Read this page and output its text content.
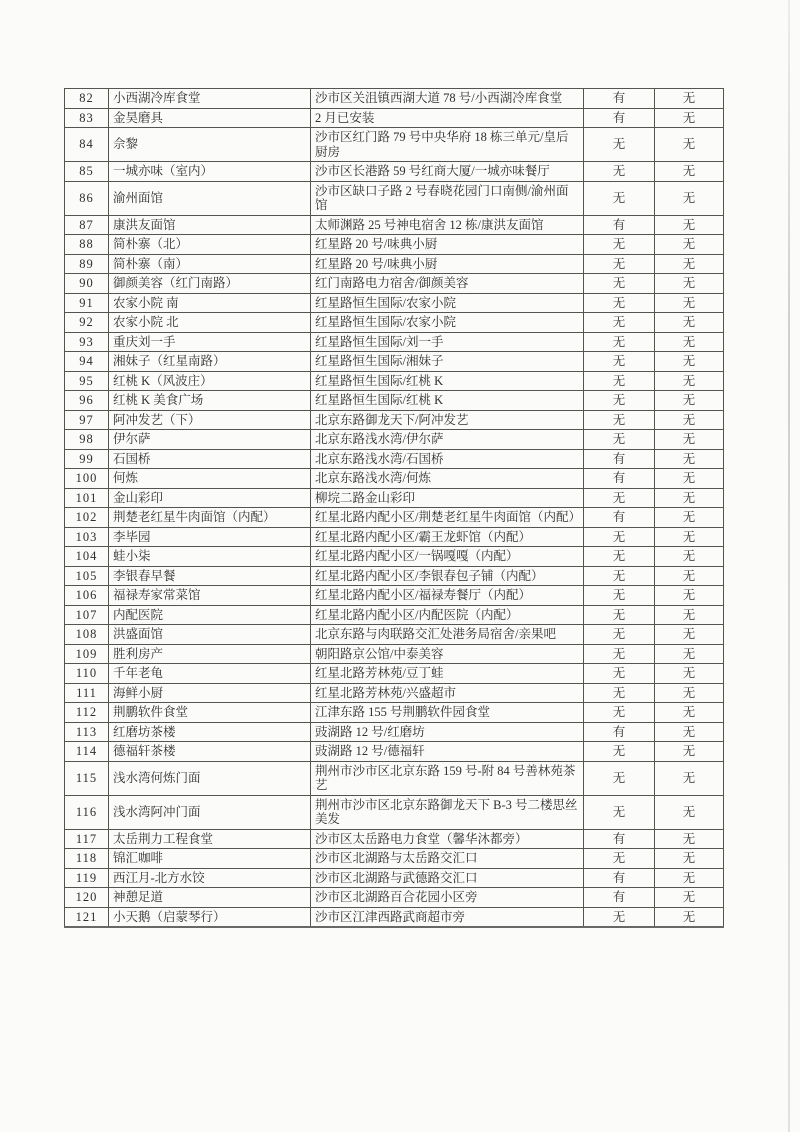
82	小西湖冷库食堂	沙市区关沮镇西湖大道 78 号/小西湖冷库食堂	有	无
83	金昊磨具	2 月已安装	有	无
84	佘黎	沙市区红门路 79 号中央华府 18 栋三单元/皇后厨房	无	无
85	一城亦味（室内）	沙市区长港路 59 号红商大厦/一城亦味餐厅	无	无
86	渝州面馆	沙市区缺口子路 2 号春晓花园门口南侧/渝州面馆	无	无
87	康洪友面馆	太师渊路 25 号神电宿舍 12 栋/康洪友面馆	有	无
88	简朴寨（北）	红星路 20 号/味典小厨	无	无
89	简朴寨（南）	红星路 20 号/味典小厨	无	无
90	御颜美容（红门南路）	红门南路电力宿舍/御颜美容	无	无
91	农家小院 南	红星路恒生国际/农家小院	无	无
92	农家小院 北	红星路恒生国际/农家小院	无	无
93	重庆刘一手	红星路恒生国际/刘一手	无	无
94	湘妹子（红星南路）	红星路恒生国际/湘妹子	无	无
95	红桃 K（风波庄）	红星路恒生国际/红桃 K	无	无
96	红桃 K 美食广场	红星路恒生国际/红桃 K	无	无
97	阿冲发艺（下）	北京东路御龙天下/阿冲发艺	无	无
98	伊尔萨	北京东路浅水湾/伊尔萨	无	无
99	石国桥	北京东路浅水湾/石国桥	有	无
100	何炼	北京东路浅水湾/何炼	有	无
101	金山彩印	柳垸二路金山彩印	无	无
102	荆楚老红星牛肉面馆（内配）	红星北路内配小区/荆楚老红星牛肉面馆（内配）	有	无
103	李毕园	红星北路内配小区/霸王龙虾馆（内配）	无	无
104	蛙小柒	红星北路内配小区/一锅嘎嘎（内配）	无	无
105	李银春早餐	红星北路内配小区/李银春包子铺（内配）	无	无
106	福禄寿家常菜馆	红星北路内配小区/福禄寿餐厅（内配）	无	无
107	内配医院	红星北路内配小区/内配医院（内配）	无	无
108	洪盛面馆	北京东路与肉联路交汇处港务局宿舍/亲果吧	无	无
109	胜利房产	朝阳路京公馆/中泰美容	无	无
110	千年老龟	红星北路芳林苑/豆丁蛙	无	无
111	海鲜小厨	红星北路芳林苑/兴盛超市	无	无
112	荆鹏软件食堂	江津东路 155 号荆鹏软件园食堂	无	无
113	红磨坊茶楼	豉湖路 12 号/红磨坊	有	无
114	德福轩茶楼	豉湖路 12 号/德福轩	无	无
115	浅水湾何炼门面	荆州市沙市区北京东路 159 号-附 84 号善林苑茶艺	无	无
116	浅水湾阿冲门面	荆州市沙市区北京东路御龙天下 B-3 号二楼思丝美发	无	无
117	太岳荆力工程食堂	沙市区太岳路电力食堂（馨华沐都旁）	有	无
118	锦汇咖啡	沙市区北湖路与太岳路交汇口	无	无
119	西江月-北方水饺	沙市区北湖路与武德路交汇口	有	无
120	神憩足道	沙市区北湖路百合花园小区旁	有	无
121	小天鹅（启蒙琴行）	沙市区江津西路武商超市旁	无	无
